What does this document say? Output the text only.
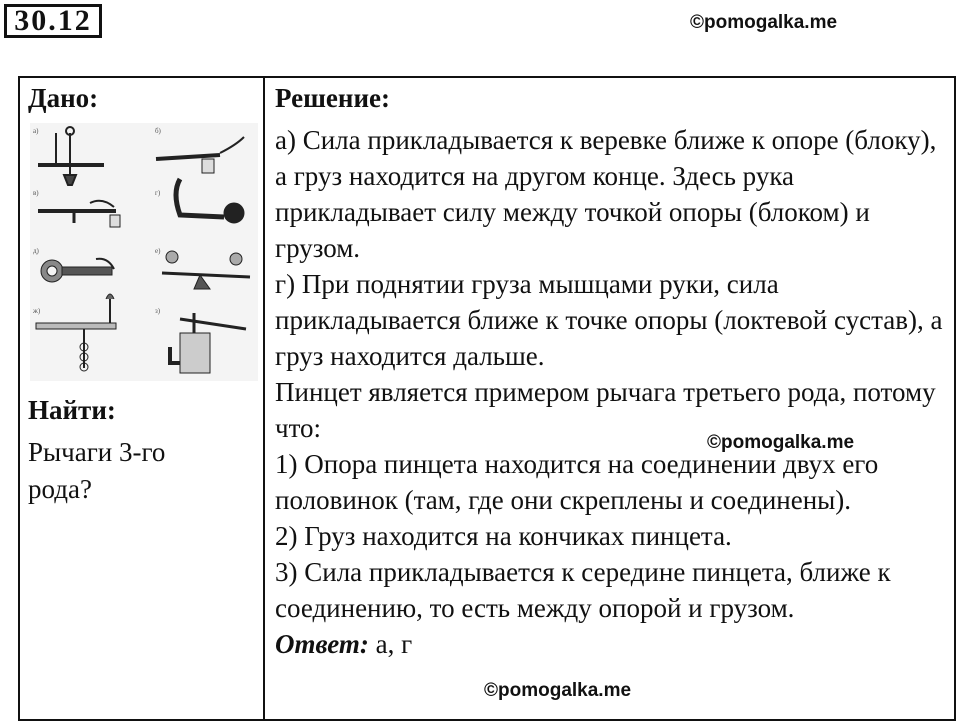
30.12	©pomogalka.me
Дано:
а)	б)
в)	г)
д)	е)
ж)	з)
Найти:
Рычаги 3-го рода?
Решение:

а) Сила прикладывается к веревке ближе к опоре (блоку), а груз находится на другом конце. Здесь рука прикладывает силу между точкой опоры (блоком) и грузом.

г) При поднятии груза мышцами руки, сила прикладывается ближе к точке опоры (локтевой сустав), а груз находится дальше.

Пинцет является примером рычага третьего рода, потому что:

1) Опора пинцета находится на соединении двух его половинок (там, где они скреплены и соединены).

2) Груз находится на кончиках пинцета.

3) Сила прикладывается к середине пинцета, ближе к соединению, то есть между опорой и грузом.

Ответ: а, г

©pomogalka.me
©pomogalka.me
